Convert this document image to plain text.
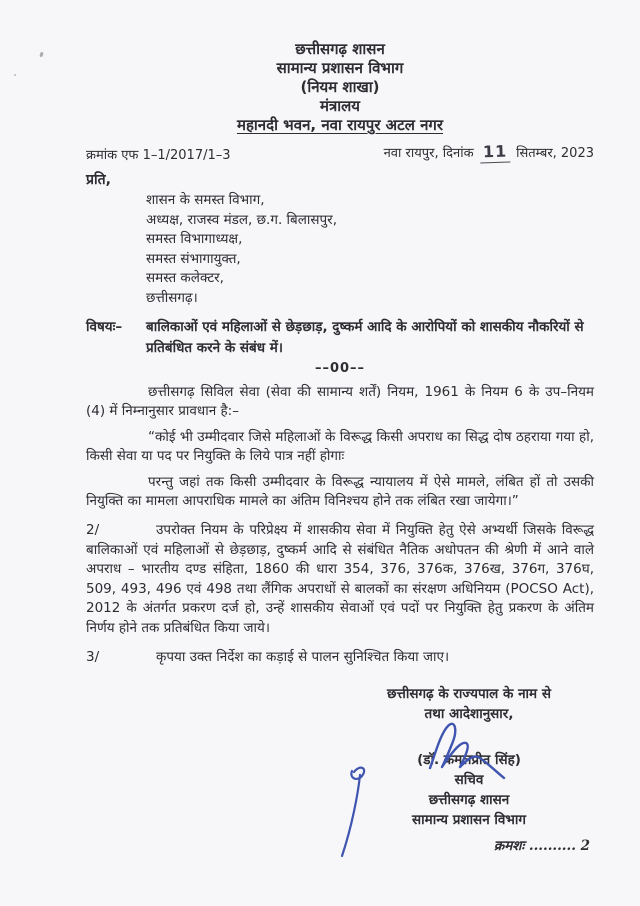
छत्तीसगढ़ शासन
सामान्य प्रशासन विभाग
(नियम शाखा)
मंत्रालय
महानदी भवन, नवा रायपुर अटल नगर
क्रमांक एफ 1–1/2017/1–3	नवा रायपुर, दिनांक 11 सितम्बर, 2023
प्रति,
शासन के समस्त विभाग,
अध्यक्ष, राजस्व मंडल, छ.ग. बिलासपुर,
समस्त विभागाध्यक्ष,
समस्त संभागायुक्त,
समस्त कलेक्टर,
छत्तीसगढ़।
विषयः–	बालिकाओं एवं महिलाओं से छेड़छाड़, दुष्कर्म आदि के आरोपियों को शासकीय नौकरियों से प्रतिबंधित करने के संबंध में।
––00––

छत्तीसगढ़ सिविल सेवा (सेवा की सामान्य शर्तें) नियम, 1961 के नियम 6 के उप–नियम (4) में निम्नानुसार प्रावधान है:–

“कोई भी उम्मीदवार जिसे महिलाओं के विरूद्ध किसी अपराध का सिद्ध दोष ठहराया गया हो, किसी सेवा या पद पर नियुक्ति के लिये पात्र नहीं होगाः

परन्तु जहां तक किसी उम्मीदवार के विरूद्ध न्यायालय में ऐसे मामले, लंबित हों तो उसकी नियुक्ति का मामला आपराधिक मामले का अंतिम विनिश्चय होने तक लंबित रखा जायेगा।”

2/	उपरोक्त नियम के परिप्रेक्ष्य में शासकीय सेवा में नियुक्ति हेतु ऐसे अभ्यर्थी जिसके विरूद्ध बालिकाओं एवं महिलाओं से छेड़छाड़, दुष्कर्म आदि से संबंधित नैतिक अधोपतन की श्रेणी में आने वाले अपराध – भारतीय दण्ड संहिता, 1860 की धारा 354, 376, 376क, 376ख, 376ग, 376घ, 509, 493, 496 एवं 498 तथा लैंगिक अपराधों से बालकों का संरक्षण अधिनियम (POCSO Act), 2012 के अंतर्गत प्रकरण दर्ज हो, उन्हें शासकीय सेवाओं एवं पदों पर नियुक्ति हेतु प्रकरण के अंतिम निर्णय होने तक प्रतिबंधित किया जाये।

3/	कृपया उक्त निर्देश का कड़ाई से पालन सुनिश्चित किया जाए।

छत्तीसगढ़ के राज्यपाल के नाम से
तथा आदेशानुसार,
(डॉ. कमलप्रीत सिंह)
सचिव
छत्तीसगढ़ शासन
सामान्य प्रशासन विभाग
क्रमशः .......... 2
